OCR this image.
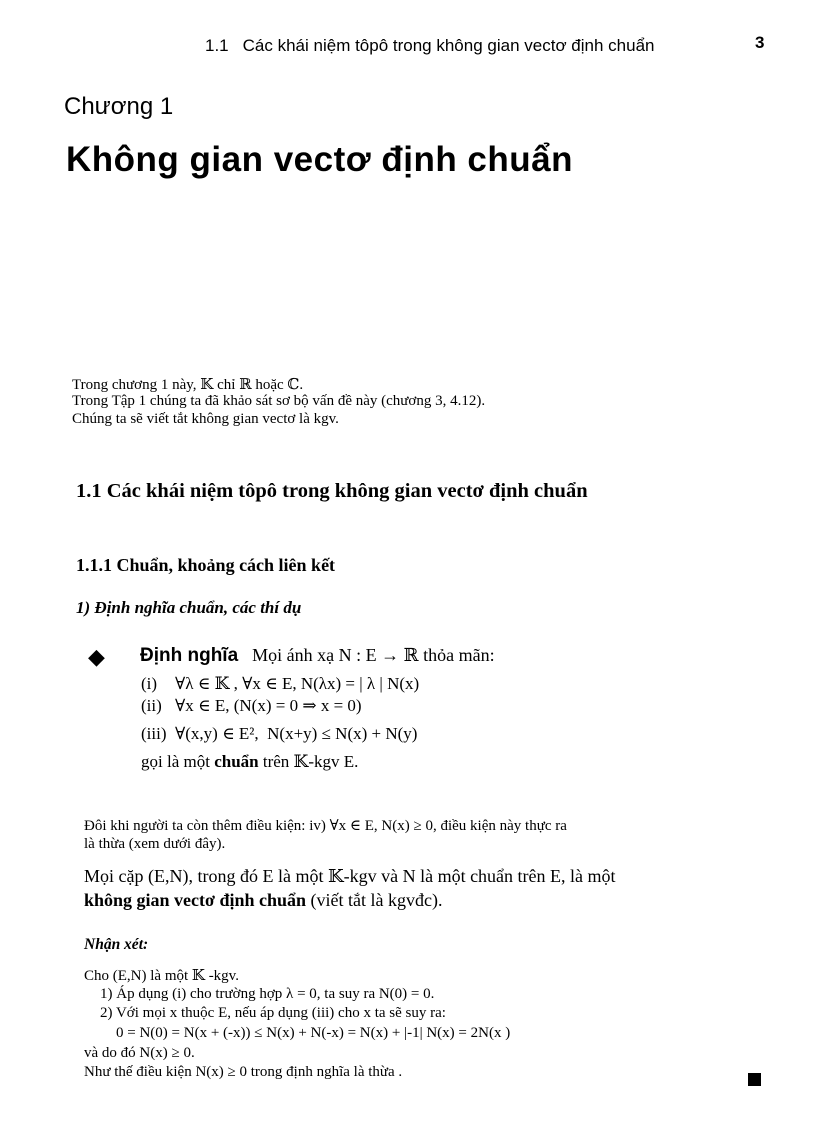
1.1 Các khái niệm tôpô trong không gian vectơ định chuẩn	3
Chương 1
Không gian vectơ định chuẩn
Trong chương 1 này, 𝕂 chỉ ℝ hoặc ℂ.
Trong Tập 1 chúng ta đã khảo sát sơ bộ vấn đề này (chương 3, 4.12).
Chúng ta sẽ viết tắt không gian vectơ là kgv.
1.1 Các khái niệm tôpô trong không gian vectơ định chuẩn
1.1.1 Chuẩn, khoảng cách liên kết
1) Định nghĩa chuẩn, các thí dụ
◆ Định nghĩa Mọi ánh xạ N : E → ℝ thỏa mãn:
(i) ∀λ ∈ 𝕂 , ∀x ∈ E, N(λx) = | λ | N(x)
(ii) ∀x ∈ E, (N(x) = 0 ⇒ x = 0)
(iii) ∀(x,y) ∈ E², ‌ N(x+y) ≤ N(x) + N(y)
gọi là một chuẩn trên 𝕂-kgv E.
Đôi khi người ta còn thêm điều kiện: iv) ∀x ∈ E, N(x) ≥ 0, điều kiện này thực ra
là thừa (xem dưới đây).
Mọi cặp (E,N), trong đó E là một 𝕂-kgv và N là một chuẩn trên E, là một
không gian vectơ định chuẩn (viết tắt là kgvđc).
Nhận xét:
Cho (E,N) là một 𝕂 -kgv.
1) Áp dụng (i) cho trường hợp λ = 0, ta suy ra N(0) = 0.
2) Với mọi x thuộc E, nếu áp dụng (iii) cho x ta sẽ suy ra:
0 = N(0) = N(x + (-x)) ≤ N(x) + N(-x) = N(x) + |-1| N(x) = 2N(x )
và do đó N(x) ≥ 0.
Như thế điều kiện N(x) ≥ 0 trong định nghĩa là thừa .
